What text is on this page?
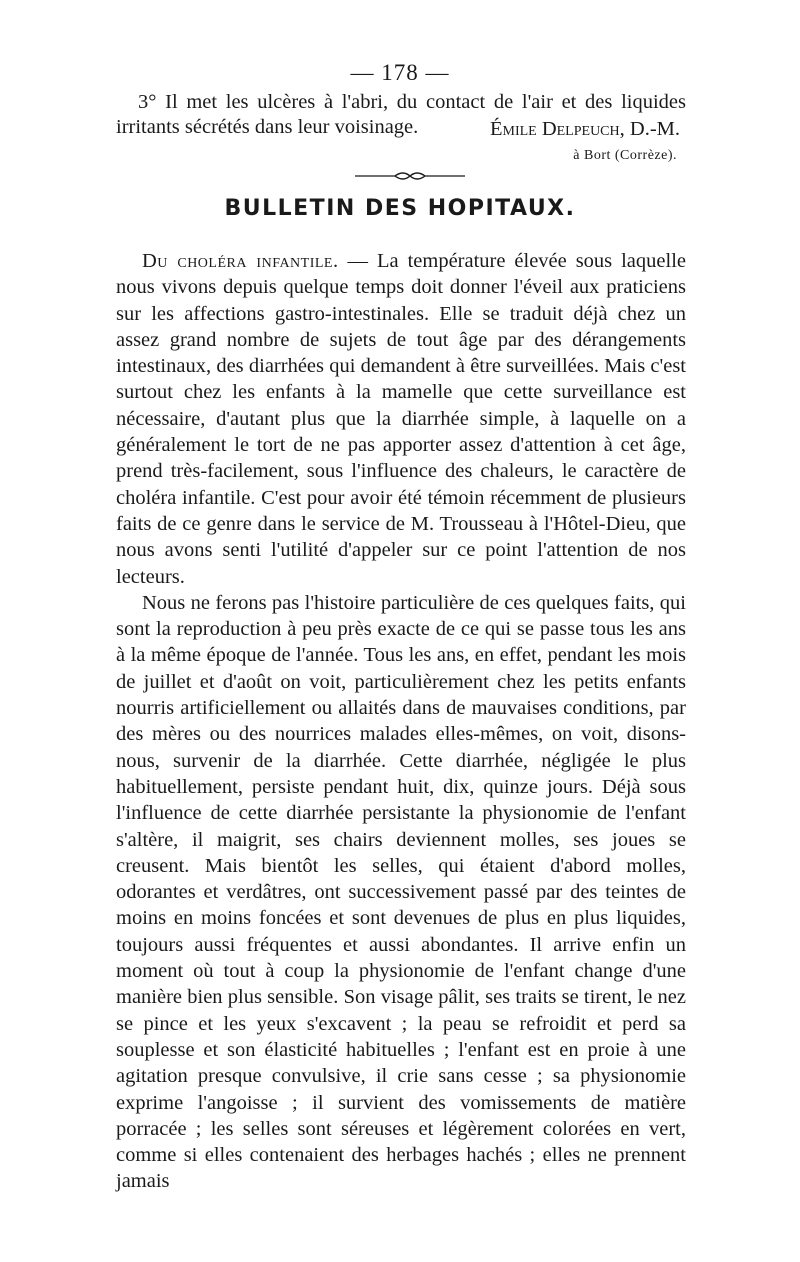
— 178 —
3° Il met les ulcères à l'abri, du contact de l'air et des liquides irritants sécrétés dans leur voisinage.	Émile Delpeuch, D.-M.
à Bort (Corrèze).
BULLETIN DES HOPITAUX.

Du choléra infantile. — La température élevée sous laquelle nous vivons depuis quelque temps doit donner l'éveil aux praticiens sur les affections gastro-intestinales. Elle se traduit déjà chez un assez grand nombre de sujets de tout âge par des dérangements intestinaux, des diarrhées qui demandent à être surveillées. Mais c'est surtout chez les enfants à la mamelle que cette surveillance est nécessaire, d'autant plus que la diarrhée simple, à laquelle on a généralement le tort de ne pas apporter assez d'attention à cet âge, prend très-facilement, sous l'influence des chaleurs, le caractère de choléra infantile. C'est pour avoir été témoin récemment de plusieurs faits de ce genre dans le service de M. Trousseau à l'Hôtel-Dieu, que nous avons senti l'utilité d'appeler sur ce point l'attention de nos lecteurs.

Nous ne ferons pas l'histoire particulière de ces quelques faits, qui sont la reproduction à peu près exacte de ce qui se passe tous les ans à la même époque de l'année. Tous les ans, en effet, pendant les mois de juillet et d'août on voit, particulièrement chez les petits enfants nourris artificiellement ou allaités dans de mauvaises conditions, par des mères ou des nourrices malades elles-mêmes, on voit, disons-nous, survenir de la diarrhée. Cette diarrhée, négligée le plus habituellement, persiste pendant huit, dix, quinze jours. Déjà sous l'influence de cette diarrhée persistante la physionomie de l'enfant s'altère, il maigrit, ses chairs deviennent molles, ses joues se creusent. Mais bientôt les selles, qui étaient d'abord molles, odorantes et verdâtres, ont successivement passé par des teintes de moins en moins foncées et sont devenues de plus en plus liquides, toujours aussi fréquentes et aussi abondantes. Il arrive enfin un moment où tout à coup la physionomie de l'enfant change d'une manière bien plus sensible. Son visage pâlit, ses traits se tirent, le nez se pince et les yeux s'excavent ; la peau se refroidit et perd sa souplesse et son élasticité habituelles ; l'enfant est en proie à une agitation presque convulsive, il crie sans cesse ; sa physionomie exprime l'angoisse ; il survient des vomissements de matière porracée ; les selles sont séreuses et légèrement colorées en vert, comme si elles contenaient des herbages hachés ; elles ne prennent jamais
